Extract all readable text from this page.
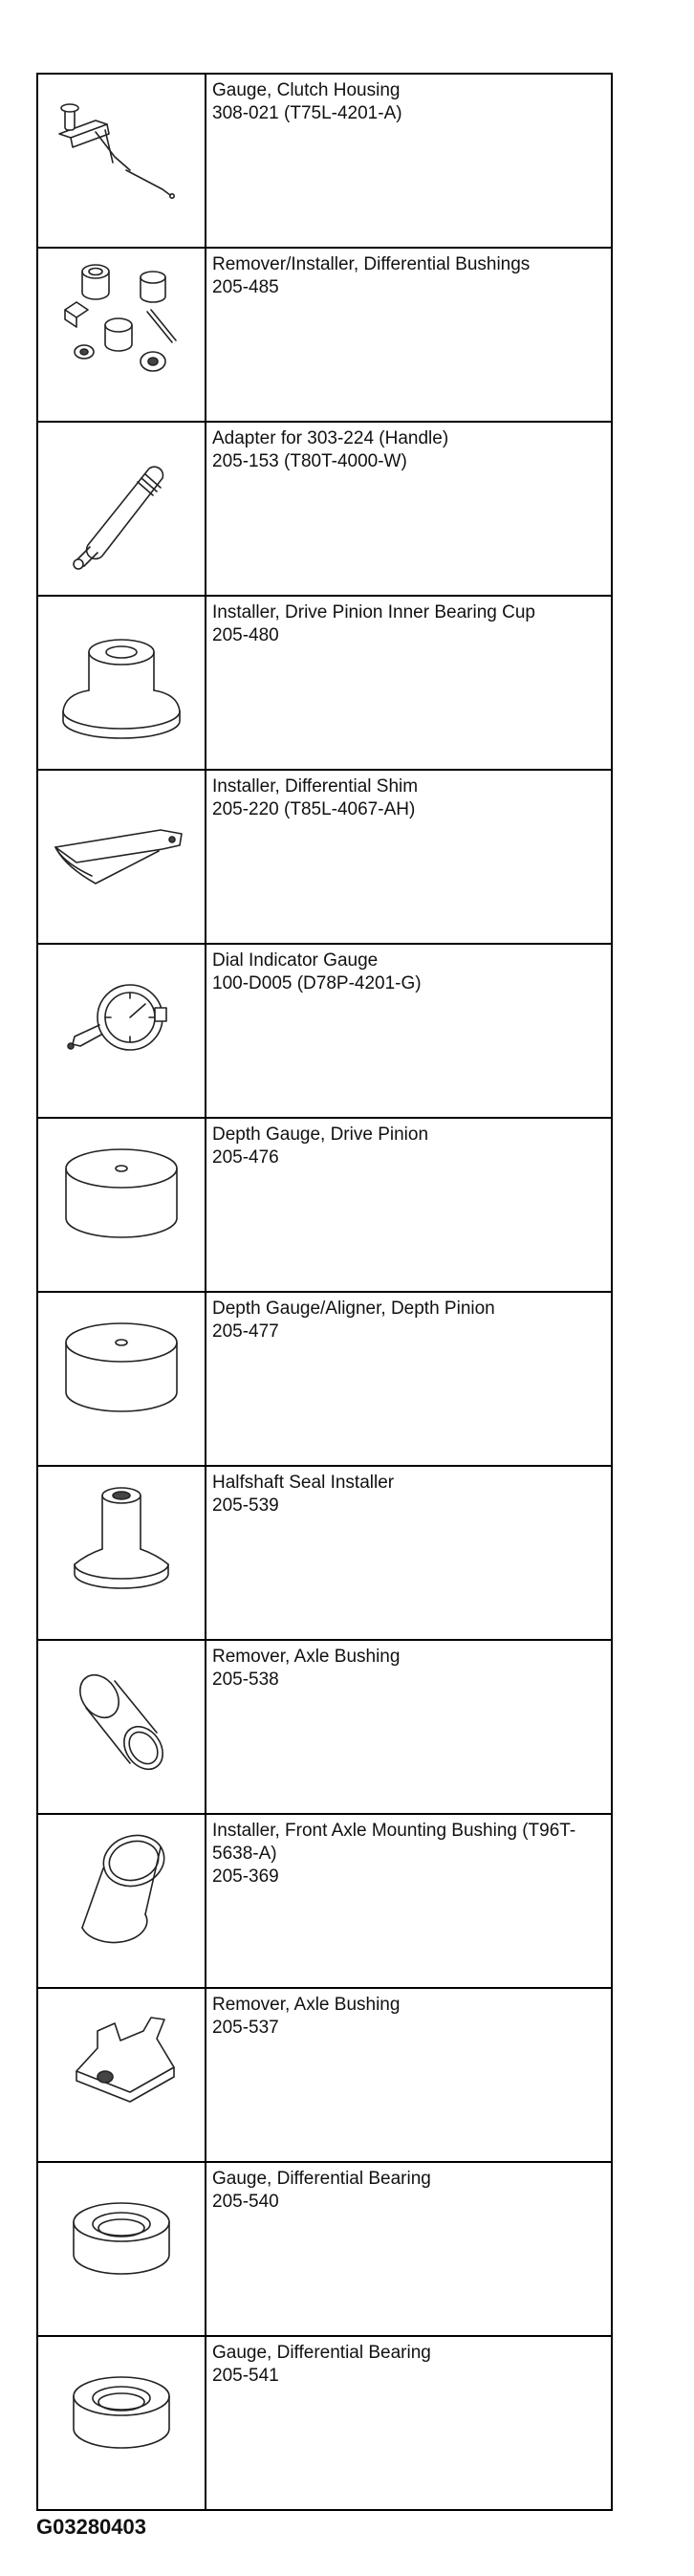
Gauge, Clutch Housing
308-021 (T75L-4201-A)

Remover/Installer, Differential Bushings
205-485

Adapter for 303-224 (Handle)
205-153 (T80T-4000-W)

Installer, Drive Pinion Inner Bearing Cup
205-480

Installer, Differential Shim
205-220 (T85L-4067-AH)

Dial Indicator Gauge
100-D005 (D78P-4201-G)

Depth Gauge, Drive Pinion
205-476

Depth Gauge/Aligner, Depth Pinion
205-477

Halfshaft Seal Installer
205-539

Remover, Axle Bushing
205-538

Installer, Front Axle Mounting Bushing (T96T-
5638-A)
205-369

Remover, Axle Bushing
205-537

Gauge, Differential Bearing
205-540

Gauge, Differential Bearing
205-541
G03280403
